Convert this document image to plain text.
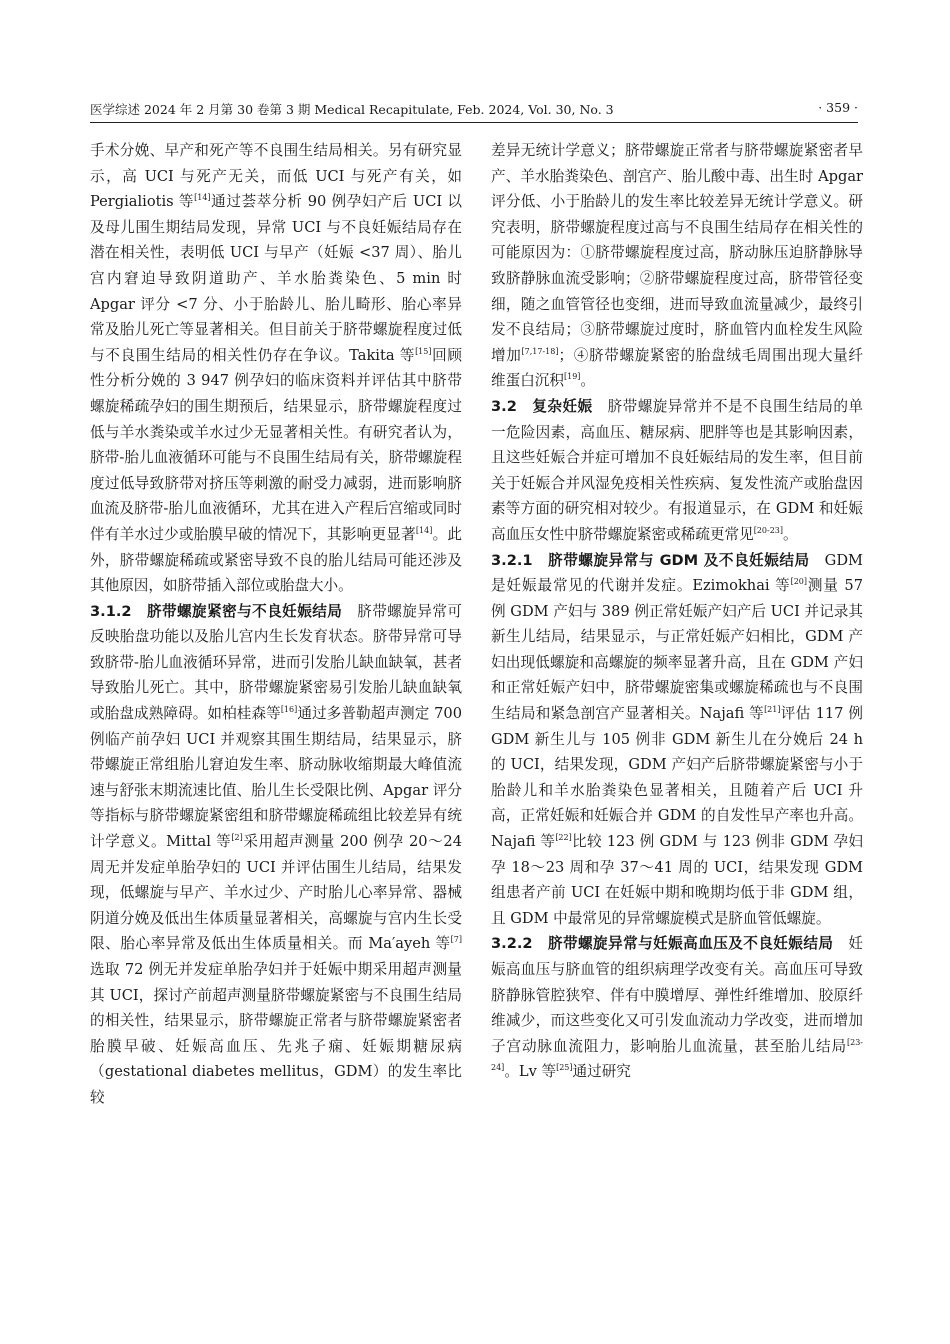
医学综述 2024 年 2 月第 30 卷第 3 期 Medical Recapitulate, Feb. 2024, Vol. 30, No. 3	· 359 ·

手术分娩、早产和死产等不良围生结局相关。另有研究显示，高 UCI 与死产无关，而低 UCI 与死产有关，如 Pergialiotis 等[14]通过荟萃分析 90 例孕妇产后 UCI 以及母儿围生期结局发现，异常 UCI 与不良妊娠结局存在潜在相关性，表明低 UCI 与早产（妊娠 <37 周）、胎儿宫内窘迫导致阴道助产、羊水胎粪染色、5 min 时 Apgar 评分 <7 分、小于胎龄儿、胎儿畸形、胎心率异常及胎儿死亡等显著相关。但目前关于脐带螺旋程度过低与不良围生结局的相关性仍存在争议。Takita 等[15]回顾性分析分娩的 3 947 例孕妇的临床资料并评估其中脐带螺旋稀疏孕妇的围生期预后，结果显示，脐带螺旋程度过低与羊水粪染或羊水过少无显著相关性。有研究者认为，脐带-胎儿血液循环可能与不良围生结局有关，脐带螺旋程度过低导致脐带对挤压等刺激的耐受力减弱，进而影响脐血流及脐带-胎儿血液循环，尤其在进入产程后宫缩或同时伴有羊水过少或胎膜早破的情况下，其影响更显著[14]。此外，脐带螺旋稀疏或紧密导致不良的胎儿结局可能还涉及其他原因，如脐带插入部位或胎盘大小。

3.1.2　脐带螺旋紧密与不良妊娠结局　脐带螺旋异常可反映胎盘功能以及胎儿宫内生长发育状态。脐带异常可导致脐带-胎儿血液循环异常，进而引发胎儿缺血缺氧，甚者导致胎儿死亡。其中，脐带螺旋紧密易引发胎儿缺血缺氧或胎盘成熟障碍。如柏桂森等[16]通过多普勒超声测定 700 例临产前孕妇 UCI 并观察其围生期结局，结果显示，脐带螺旋正常组胎儿窘迫发生率、脐动脉收缩期最大峰值流速与舒张末期流速比值、胎儿生长受限比例、Apgar 评分等指标与脐带螺旋紧密组和脐带螺旋稀疏组比较差异有统计学意义。Mittal 等[2]采用超声测量 200 例孕 20～24 周无并发症单胎孕妇的 UCI 并评估围生儿结局，结果发现，低螺旋与早产、羊水过少、产时胎儿心率异常、器械阴道分娩及低出生体质量显著相关，高螺旋与宫内生长受限、胎心率异常及低出生体质量相关。而 Ma′ayeh 等[7]选取 72 例无并发症单胎孕妇并于妊娠中期采用超声测量其 UCI，探讨产前超声测量脐带螺旋紧密与不良围生结局的相关性，结果显示，脐带螺旋正常者与脐带螺旋紧密者胎膜早破、妊娠高血压、先兆子痫、妊娠期糖尿病（gestational diabetes mellitus，GDM）的发生率比较

差异无统计学意义；脐带螺旋正常者与脐带螺旋紧密者早产、羊水胎粪染色、剖宫产、胎儿酸中毒、出生时 Apgar 评分低、小于胎龄儿的发生率比较差异无统计学意义。研究表明，脐带螺旋程度过高与不良围生结局存在相关性的可能原因为：①脐带螺旋程度过高，脐动脉压迫脐静脉导致脐静脉血流受影响；②脐带螺旋程度过高，脐带管径变细，随之血管管径也变细，进而导致血流量减少，最终引发不良结局；③脐带螺旋过度时，脐血管内血栓发生风险增加[7,17-18]；④脐带螺旋紧密的胎盘绒毛周围出现大量纤维蛋白沉积[19]。

3.2　复杂妊娠　脐带螺旋异常并不是不良围生结局的单一危险因素，高血压、糖尿病、肥胖等也是其影响因素，且这些妊娠合并症可增加不良妊娠结局的发生率，但目前关于妊娠合并风湿免疫相关性疾病、复发性流产或胎盘因素等方面的研究相对较少。有报道显示，在 GDM 和妊娠高血压女性中脐带螺旋紧密或稀疏更常见[20-23]。

3.2.1　脐带螺旋异常与 GDM 及不良妊娠结局　GDM 是妊娠最常见的代谢并发症。Ezimokhai 等[20]测量 57 例 GDM 产妇与 389 例正常妊娠产妇产后 UCI 并记录其新生儿结局，结果显示，与正常妊娠产妇相比，GDM 产妇出现低螺旋和高螺旋的频率显著升高，且在 GDM 产妇和正常妊娠产妇中，脐带螺旋密集或螺旋稀疏也与不良围生结局和紧急剖宫产显著相关。Najafi 等[21]评估 117 例 GDM 新生儿与 105 例非 GDM 新生儿在分娩后 24 h 的 UCI，结果发现，GDM 产妇产后脐带螺旋紧密与小于胎龄儿和羊水胎粪染色显著相关，且随着产后 UCI 升高，正常妊娠和妊娠合并 GDM 的自发性早产率也升高。Najafi 等[22]比较 123 例 GDM 与 123 例非 GDM 孕妇孕 18～23 周和孕 37～41 周的 UCI，结果发现 GDM 组患者产前 UCI 在妊娠中期和晚期均低于非 GDM 组，且 GDM 中最常见的异常螺旋模式是脐血管低螺旋。

3.2.2　脐带螺旋异常与妊娠高血压及不良妊娠结局　妊娠高血压与脐血管的组织病理学改变有关。高血压可导致脐静脉管腔狭窄、伴有中膜增厚、弹性纤维增加、胶原纤维减少，而这些变化又可引发血流动力学改变，进而增加子宫动脉血流阻力，影响胎儿血流量，甚至胎儿结局[23-24]。Lv 等[25]通过研究
